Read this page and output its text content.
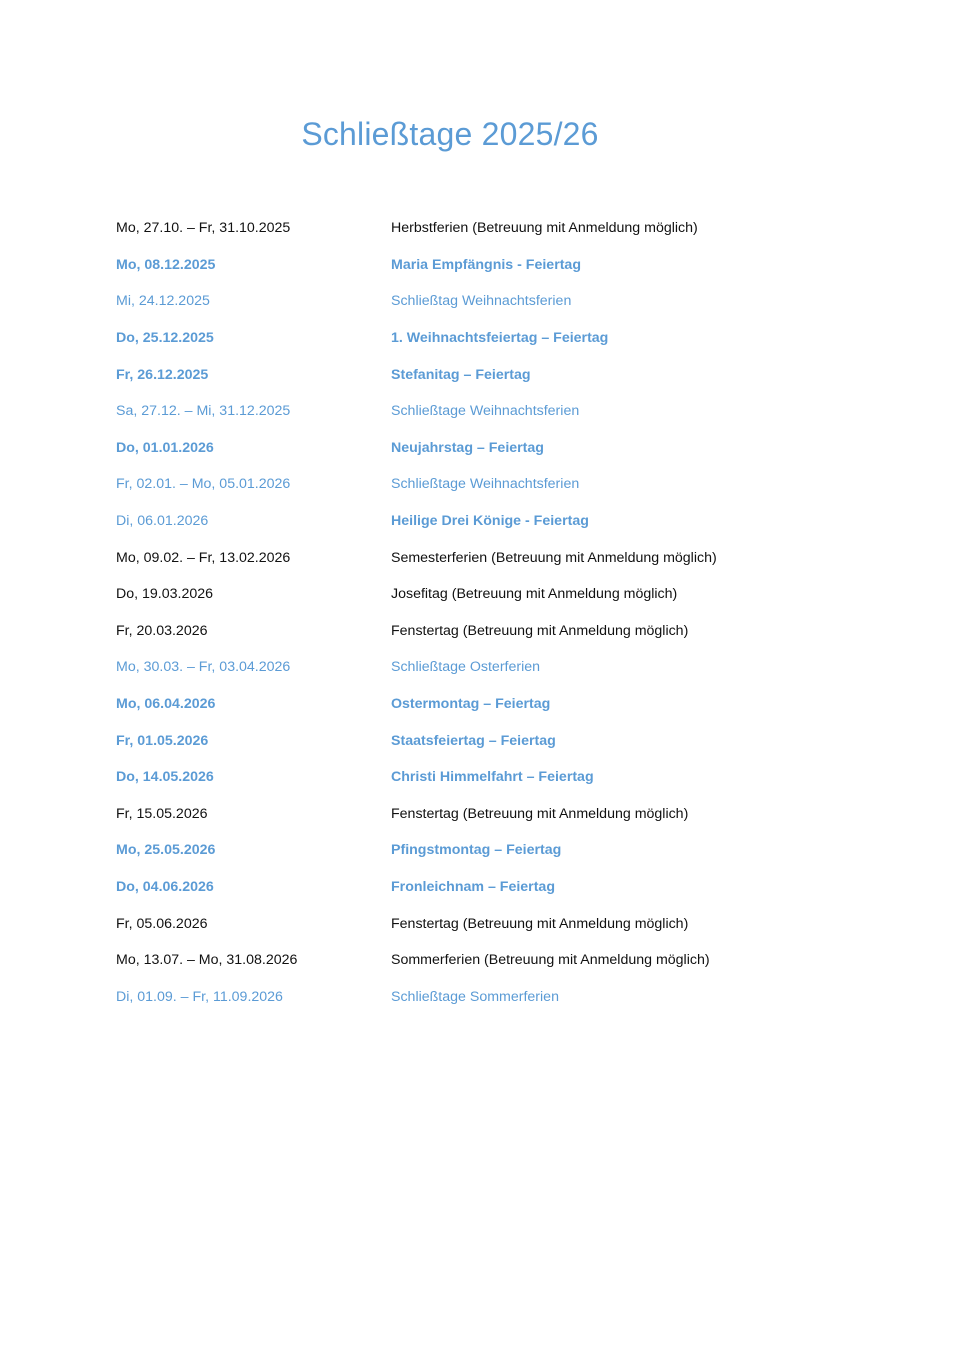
Schließtage 2025/26
Mo, 27.10. – Fr, 31.10.2025	Herbstferien (Betreuung mit Anmeldung möglich)
Mo, 08.12.2025	Maria Empfängnis - Feiertag
Mi, 24.12.2025	Schließtag Weihnachtsferien
Do, 25.12.2025	1. Weihnachtsfeiertag – Feiertag
Fr, 26.12.2025	Stefanitag – Feiertag
Sa, 27.12. – Mi, 31.12.2025	Schließtage Weihnachtsferien
Do, 01.01.2026	Neujahrstag – Feiertag
Fr, 02.01. – Mo, 05.01.2026	Schließtage Weihnachtsferien
Di, 06.01.2026	Heilige Drei Könige - Feiertag
Mo, 09.02. – Fr, 13.02.2026	Semesterferien (Betreuung mit Anmeldung möglich)
Do, 19.03.2026	Josefitag (Betreuung mit Anmeldung möglich)
Fr, 20.03.2026	Fenstertag (Betreuung mit Anmeldung möglich)
Mo, 30.03. – Fr, 03.04.2026	Schließtage Osterferien
Mo, 06.04.2026	Ostermontag – Feiertag
Fr, 01.05.2026	Staatsfeiertag – Feiertag
Do, 14.05.2026	Christi Himmelfahrt – Feiertag
Fr, 15.05.2026	Fenstertag (Betreuung mit Anmeldung möglich)
Mo, 25.05.2026	Pfingstmontag – Feiertag
Do, 04.06.2026	Fronleichnam – Feiertag
Fr, 05.06.2026	Fenstertag (Betreuung mit Anmeldung möglich)
Mo, 13.07. – Mo, 31.08.2026	Sommerferien (Betreuung mit Anmeldung möglich)
Di, 01.09. – Fr, 11.09.2026	Schließtage Sommerferien
